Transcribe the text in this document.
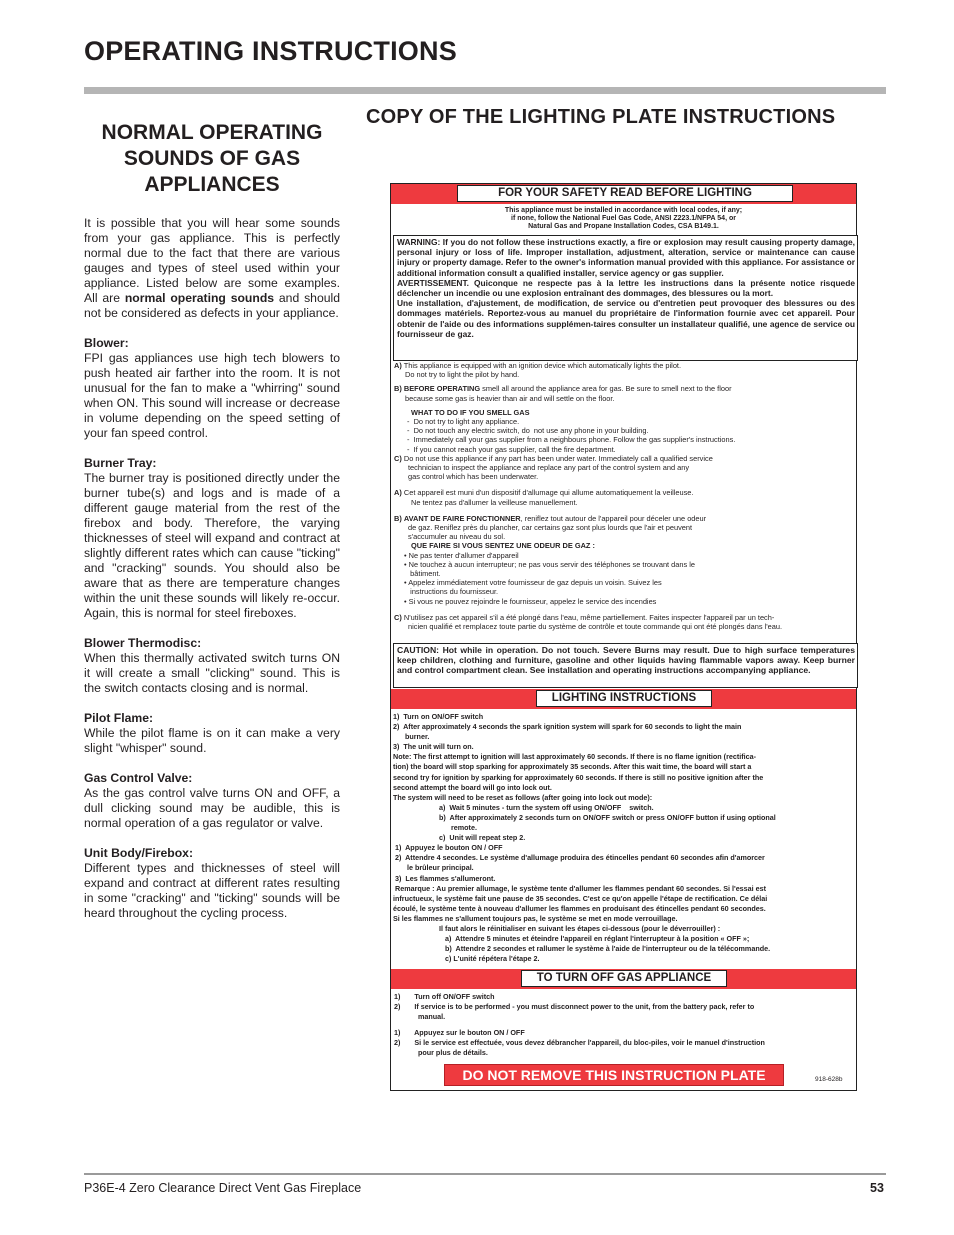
OPERATING INSTRUCTIONS
NORMAL OPERATING
SOUNDS OF GAS
APPLIANCES

It is possible that you will hear some sounds from your gas appliance. This is perfectly normal due to the fact that there are various gauges and types of steel used within your appliance. Listed below are some examples. All are normal operating sounds and should not be considered as defects in your appliance.

Blower:

FPI gas appliances use high tech blowers to push heated air farther into the room. It is not unusual for the fan to make a "whirring" sound when ON. This sound will increase or decrease in volume depending on the speed setting of your fan speed control.

Burner Tray:

The burner tray is positioned directly under the burner tube(s) and logs and is made of a different gauge material from the rest of the firebox and body. Therefore, the varying thicknesses of steel will expand and contract at slightly different rates which can cause "ticking" and "cracking" sounds. You should also be aware that as there are temperature changes within the unit these sounds will likely re-occur. Again, this is normal for steel fireboxes.

Blower Thermodisc:

When this thermally activated switch turns ON it will create a small "clicking" sound. This is the switch contacts closing and is normal.

Pilot Flame:

While the pilot flame is on it can make a very slight "whisper" sound.

Gas Control Valve:

As the gas control valve turns ON and OFF, a dull clicking sound may be audible, this is normal operation of a gas regulator or valve.

Unit Body/Firebox:

Different types and thicknesses of steel will expand and contract at different rates resulting in some "cracking" and "ticking" sounds will be heard throughout the cycling process.

COPY OF THE LIGHTING PLATE INSTRUCTIONS
FOR YOUR SAFETY READ BEFORE LIGHTING
This appliance must be installed in accordance with local codes, if any;
if none, follow the National Fuel Gas Code, ANSI Z223.1/NFPA 54, or
Natural Gas and Propane Installation Codes, CSA B149.1.
WARNING: If you do not follow these instructions exactly, a fire or explosion may result causing property damage, personal injury or loss of life. Improper installation, adjustment, alteration, service or maintenance can cause injury or property damage. Refer to the owner's information manual provided with this appliance. For assistance or additional information consult a qualified installer, service agency or gas supplier.
AVERTISSEMENT. Quiconque ne respecte pas à la lettre les instructions dans la présente notice risquede déclencher un incendie ou une explosion entraînant des dommages, des blessures ou la mort.
Une installation, d'ajustement, de modification, de service ou d'entretien peut provoquer des blessures ou des dommages matériels. Reportez-vous au manuel du propriétaire de l'information fournie avec cet appareil. Pour obtenir de l'aide ou des informations supplémen-taires consulter un installateur qualifié, une agence de service ou fournisseur de gaz.
A) This appliance is equipped with an ignition device which automatically lights the pilot.
Do not try to light the pilot by hand.
B) BEFORE OPERATING smell all around the appliance area for gas. Be sure to smell next to the floor
because some gas is heavier than air and will settle on the floor.
WHAT TO DO IF YOU SMELL GAS
-  Do not try to light any appliance.
-  Do not touch any electric switch, do  not use any phone in your building.
-  Immediately call your gas supplier from a neighbours phone. Follow the gas supplier's instructions.
-  If you cannot reach your gas supplier, call the fire department.
C) Do not use this appliance if any part has been under water. Immediately call a qualified service
technician to inspect the appliance and replace any part of the control system and any
gas control which has been underwater.
A) Cet appareil est muni d'un dispositif d'allumage qui allume automatiquement la veilleuse.
Ne tentez pas d'allumer la veilleuse manuellement.
B) AVANT DE FAIRE FONCTIONNER, reniflez tout autour de l'appareil pour déceler une odeur
de gaz. Reniflez près du plancher, car certains gaz sont plus lourds que l'air et peuvent
s'accumuler au niveau du sol.
QUE FAIRE SI VOUS SENTEZ UNE ODEUR DE GAZ :
• Ne pas tenter d'allumer d'appareil
• Ne touchez à aucun interrupteur; ne pas vous servir des téléphones se trouvant dans le
bâtiment.
• Appelez immédiatement votre fournisseur de gaz depuis un voisin. Suivez les
instructions du fournisseur.
• Si vous ne pouvez rejoindre le fournisseur, appelez le service des incendies
C) N'utilisez pas cet appareil s'il a été plongé dans l'eau, même partiellement. Faites inspecter l'appareil par un tech-
nicien qualifié et remplacez toute partie du système de contrôle et toute commande qui ont été plongés dans l'eau.
CAUTION: Hot while in operation. Do not touch. Severe Burns may result. Due to high surface temperatures keep children, clothing and furniture, gasoline and other liquids having flammable vapors away. Keep burner and control compartment clean. See installation and operating instructions accompanying appliance.
LIGHTING INSTRUCTIONS
1)  Turn on ON/OFF switch
2)  After approximately 4 seconds the spark ignition system will spark for 60 seconds to light the main
burner.
3)  The unit will turn on.
Note: The first attempt to ignition will last approximately 60 seconds. If there is no flame ignition (rectifica-
tion) the board will stop sparking for approximately 35 seconds. After this wait time, the board will start a
second try for ignition by sparking for approximately 60 seconds. If there is still no positive ignition after the
second attempt the board will go into lock out.
The system will need to be reset as follows (after going into lock out mode):
a)  Wait 5 minutes - turn the system off using ON/OFF    switch.
b)  After approximately 2 seconds turn on ON/OFF switch or press ON/OFF button if using optional
remote.
c)  Unit will repeat step 2.
1)  Appuyez le bouton ON / OFF
2)  Attendre 4 secondes. Le système d'allumage produira des étincelles pendant 60 secondes afin d'amorcer
le brûleur principal.
3)  Les flammes s'allumeront.
Remarque : Au premier allumage, le système tente d'allumer les flammes pendant 60 secondes. Si l'essai est
infructueux, le système fait une pause de 35 secondes. C'est ce qu'on appelle l'étape de rectification. Ce délai
écoulé, le système tente à nouveau d'allumer les flammes en produisant des étincelles pendant 60 secondes.
Si les flammes ne s'allument toujours pas, le système se met en mode verrouillage.
Il faut alors le réinitialiser en suivant les étapes ci-dessous (pour le déverrouiller) :
a)  Attendre 5 minutes et éteindre l'appareil en réglant l'interrupteur à la position « OFF »;
b)  Attendre 2 secondes et rallumer le système à l'aide de l'interrupteur ou de la télécommande.
c) L'unité répétera l'étape 2.
TO TURN OFF GAS APPLIANCE
1)       Turn off ON/OFF switch
2)       If service is to be performed - you must disconnect power to the unit, from the battery pack, refer to
manual.
1)       Appuyez sur le bouton ON / OFF
2)       Si le service est effectuée, vous devez débrancher l'appareil, du bloc-piles, voir le manuel d'instruction
pour plus de détails.
DO NOT REMOVE THIS INSTRUCTION PLATE	918-628b
P36E-4 Zero Clearance Direct Vent Gas Fireplace	53
